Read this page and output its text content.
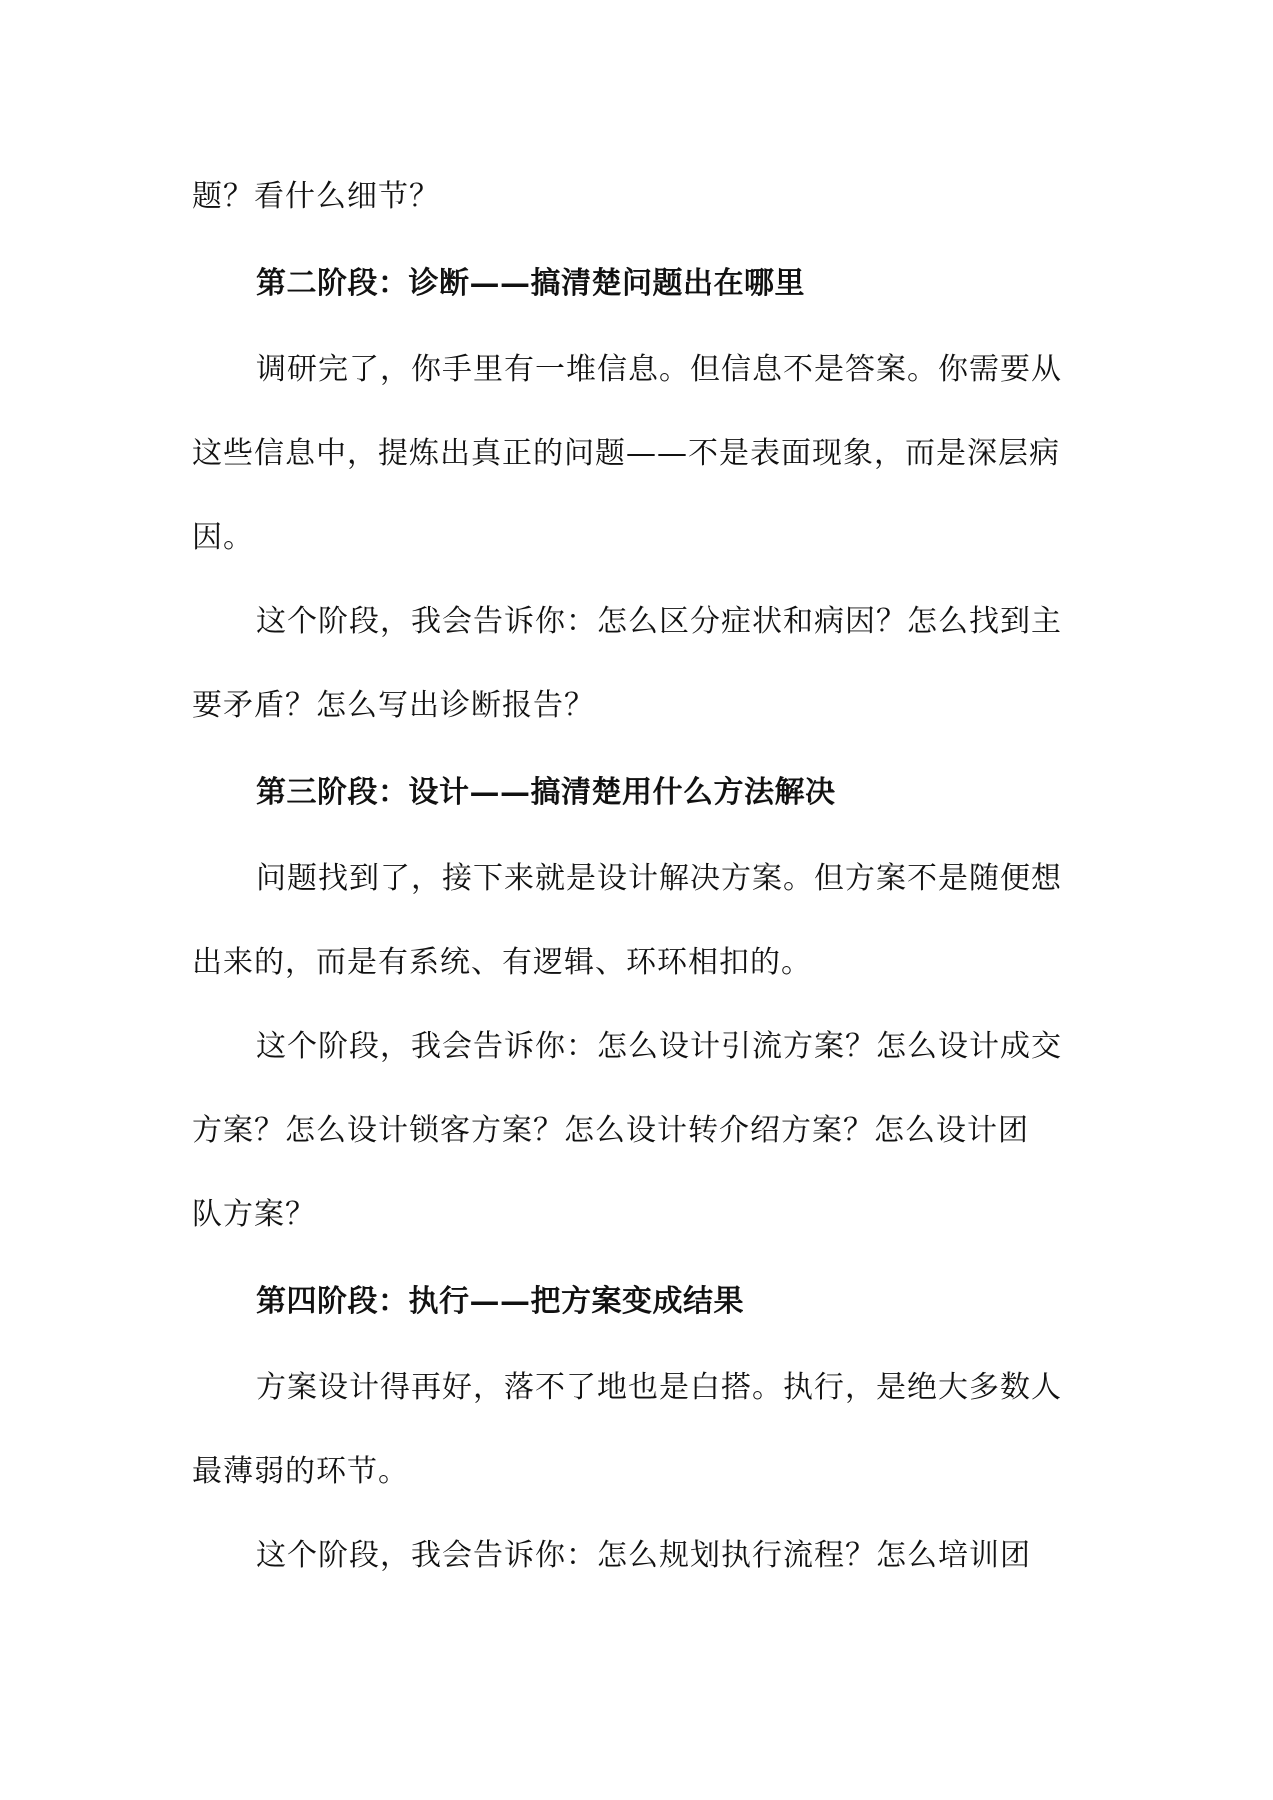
题？看什么细节？
第二阶段：诊断——搞清楚问题出在哪里
调研完了，你手里有一堆信息。但信息不是答案。你需要从
这些信息中，提炼出真正的问题——不是表面现象，而是深层病
因。
这个阶段，我会告诉你：怎么区分症状和病因？怎么找到主
要矛盾？怎么写出诊断报告？
第三阶段：设计——搞清楚用什么方法解决
问题找到了，接下来就是设计解决方案。但方案不是随便想
出来的，而是有系统、有逻辑、环环相扣的。
这个阶段，我会告诉你：怎么设计引流方案？怎么设计成交
方案？怎么设计锁客方案？怎么设计转介绍方案？怎么设计团
队方案？
第四阶段：执行——把方案变成结果
方案设计得再好，落不了地也是白搭。执行，是绝大多数人
最薄弱的环节。
这个阶段，我会告诉你：怎么规划执行流程？怎么培训团
